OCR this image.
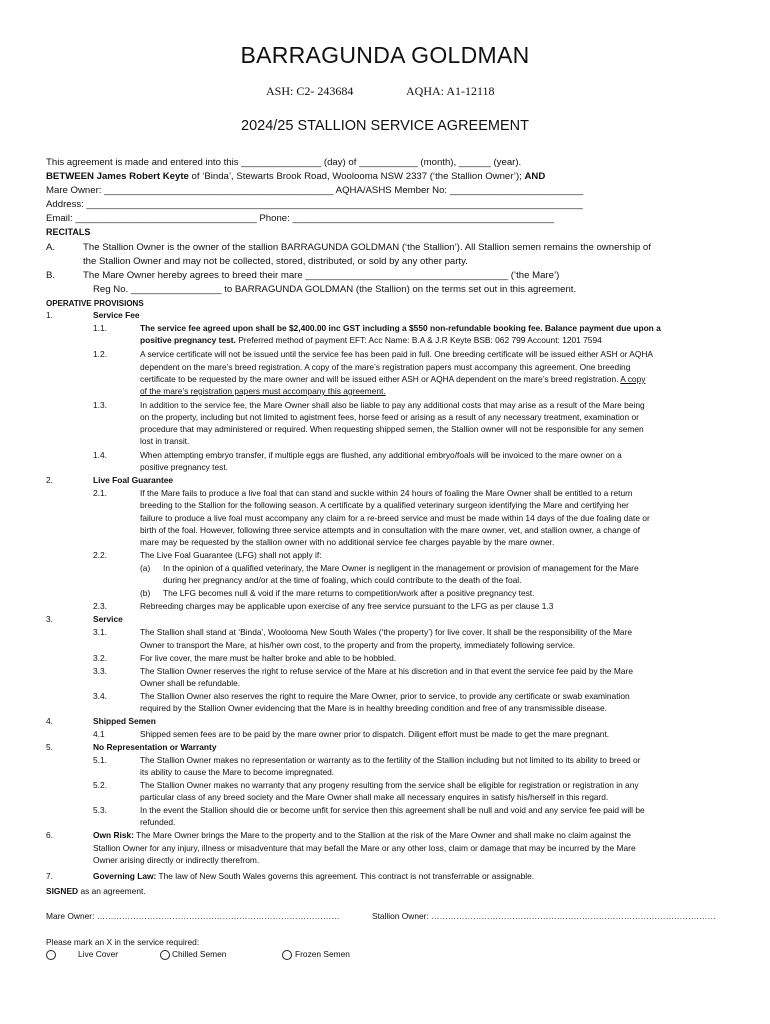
BARRAGUNDA GOLDMAN
ASH: C2- 243684	AQHA: A1-12118
2024/25 STALLION SERVICE AGREEMENT
This agreement is made and entered into this _______________ (day) of ___________ (month), ______ (year).
BETWEEN James Robert Keyte of ‘Binda’, Stewarts Brook Road, Woolooma NSW 2337 (‘the Stallion Owner’); AND
Mare Owner: ___________________________________________ AQHA/ASHS Member No: _________________________
Address: _____________________________________________________________________________________________
Email: __________________________________ Phone: _________________________________________________
RECITALS
A.	The Stallion Owner is the owner of the stallion BARRAGUNDA GOLDMAN (‘the Stallion’). All Stallion semen remains the ownership of
the Stallion Owner and may not be collected, stored, distributed, or sold by any other party.
B.	The Mare Owner hereby agrees to breed their mare ______________________________________ (‘the Mare’)
Reg No. _________________ to BARRAGUNDA GOLDMAN (the Stallion) on the terms set out in this agreement.
OPERATIVE PROVISIONS
1.	Service Fee
1.1.	The service fee agreed upon shall be $2,400.00 inc GST including a $550 non-refundable booking fee. Balance payment due upon a
positive pregnancy test. Preferred method of payment EFT: Acc Name: B.A & J.R Keyte BSB: 062 799 Account: 1201 7594
1.2.	A service certificate will not be issued until the service fee has been paid in full. One breeding certificate will be issued either ASH or AQHA
dependent on the mare’s breed registration. A copy of the mare’s registration papers must accompany this agreement. One breeding
certificate to be requested by the mare owner and will be issued either ASH or AQHA dependent on the mare’s breed registration. A copy
of the mare’s registration papers must accompany this agreement.
1.3.	In addition to the service fee, the Mare Owner shall also be liable to pay any additional costs that may arise as a result of the Mare being
on the property, including but not limited to agistment fees, horse feed or arising as a result of any necessary treatment, examination or
procedure that may administered or required. When requesting shipped semen, the Stallion owner will not be responsible for any semen
lost in transit.
1.4.	When attempting embryo transfer, if multiple eggs are flushed, any additional embryo/foals will be invoiced to the mare owner on a
positive pregnancy test.
2.	Live Foal Guarantee
2.1.	If the Mare fails to produce a live foal that can stand and suckle within 24 hours of foaling the Mare Owner shall be entitled to a return
breeding to the Stallion for the following season. A certificate by a qualified veterinary surgeon identifying the Mare and certifying her
failure to produce a live foal must accompany any claim for a re-breed service and must be made within 14 days of the due foaling date or
birth of the foal. However, following three service attempts and in consultation with the mare owner, vet, and stallion owner, a change of
mare may be requested by the stallion owner with no additional service fee charges payable by the mare owner.
2.2.	The Live Foal Guarantee (LFG) shall not apply if:
(a) In the opinion of a qualified veterinary, the Mare Owner is negligent in the management or provision of management for the Mare
during her pregnancy and/or at the time of foaling, which could contribute to the death of the foal.
(b) The LFG becomes null & void if the mare returns to competition/work after a positive pregnancy test.
2.3.	Rebreeding charges may be applicable upon exercise of any free service pursuant to the LFG as per clause 1.3
3.	Service
3.1.	The Stallion shall stand at ‘Binda’, Woolooma New South Wales (‘the property’) for live cover. It shall be the responsibility of the Mare
Owner to transport the Mare, at his/her own cost, to the property and from the property, immediately following service.
3.2.	For live cover, the mare must be halter broke and able to be hobbled.
3.3.	The Stallion Owner reserves the right to refuse service of the Mare at his discretion and in that event the service fee paid by the Mare
Owner shall be refundable.
3.4.	The Stallion Owner also reserves the right to require the Mare Owner, prior to service, to provide any certificate or swab examination
required by the Stallion Owner evidencing that the Mare is in healthy breeding condition and free of any transmissible disease.
4.	Shipped Semen
4.1	Shipped semen fees are to be paid by the mare owner prior to dispatch. Diligent effort must be made to get the mare pregnant.
5.	No Representation or Warranty
5.1.	The Stallion Owner makes no representation or warranty as to the fertility of the Stallion including but not limited to its ability to breed or
its ability to cause the Mare to become impregnated.
5.2.	The Stallion Owner makes no warranty that any progeny resulting from the service shall be eligible for registration or registration in any
particular class of any breed society and the Mare Owner shall make all necessary enquires in satisfy his/herself in this regard.
5.3.	In the event the Stallion should die or become unfit for service then this agreement shall be null and void and any service fee paid will be
refunded.
6.	Own Risk: The Mare Owner brings the Mare to the property and to the Stallion at the risk of the Mare Owner and shall make no claim against the
Stallion Owner for any injury, illness or misadventure that may befall the Mare or any other loss, claim or damage that may be incurred by the Mare
Owner arising directly or indirectly therefrom.
7.	Governing Law: The law of New South Wales governs this agreement. This contract is not transferrable or assignable.
SIGNED as an agreement.
Mare Owner: ……………………………………………………………………………	Stallion Owner: …………………………………………………………………………………………
Please mark an X in the service required:
Live Cover	Chilled Semen	Frozen Semen
